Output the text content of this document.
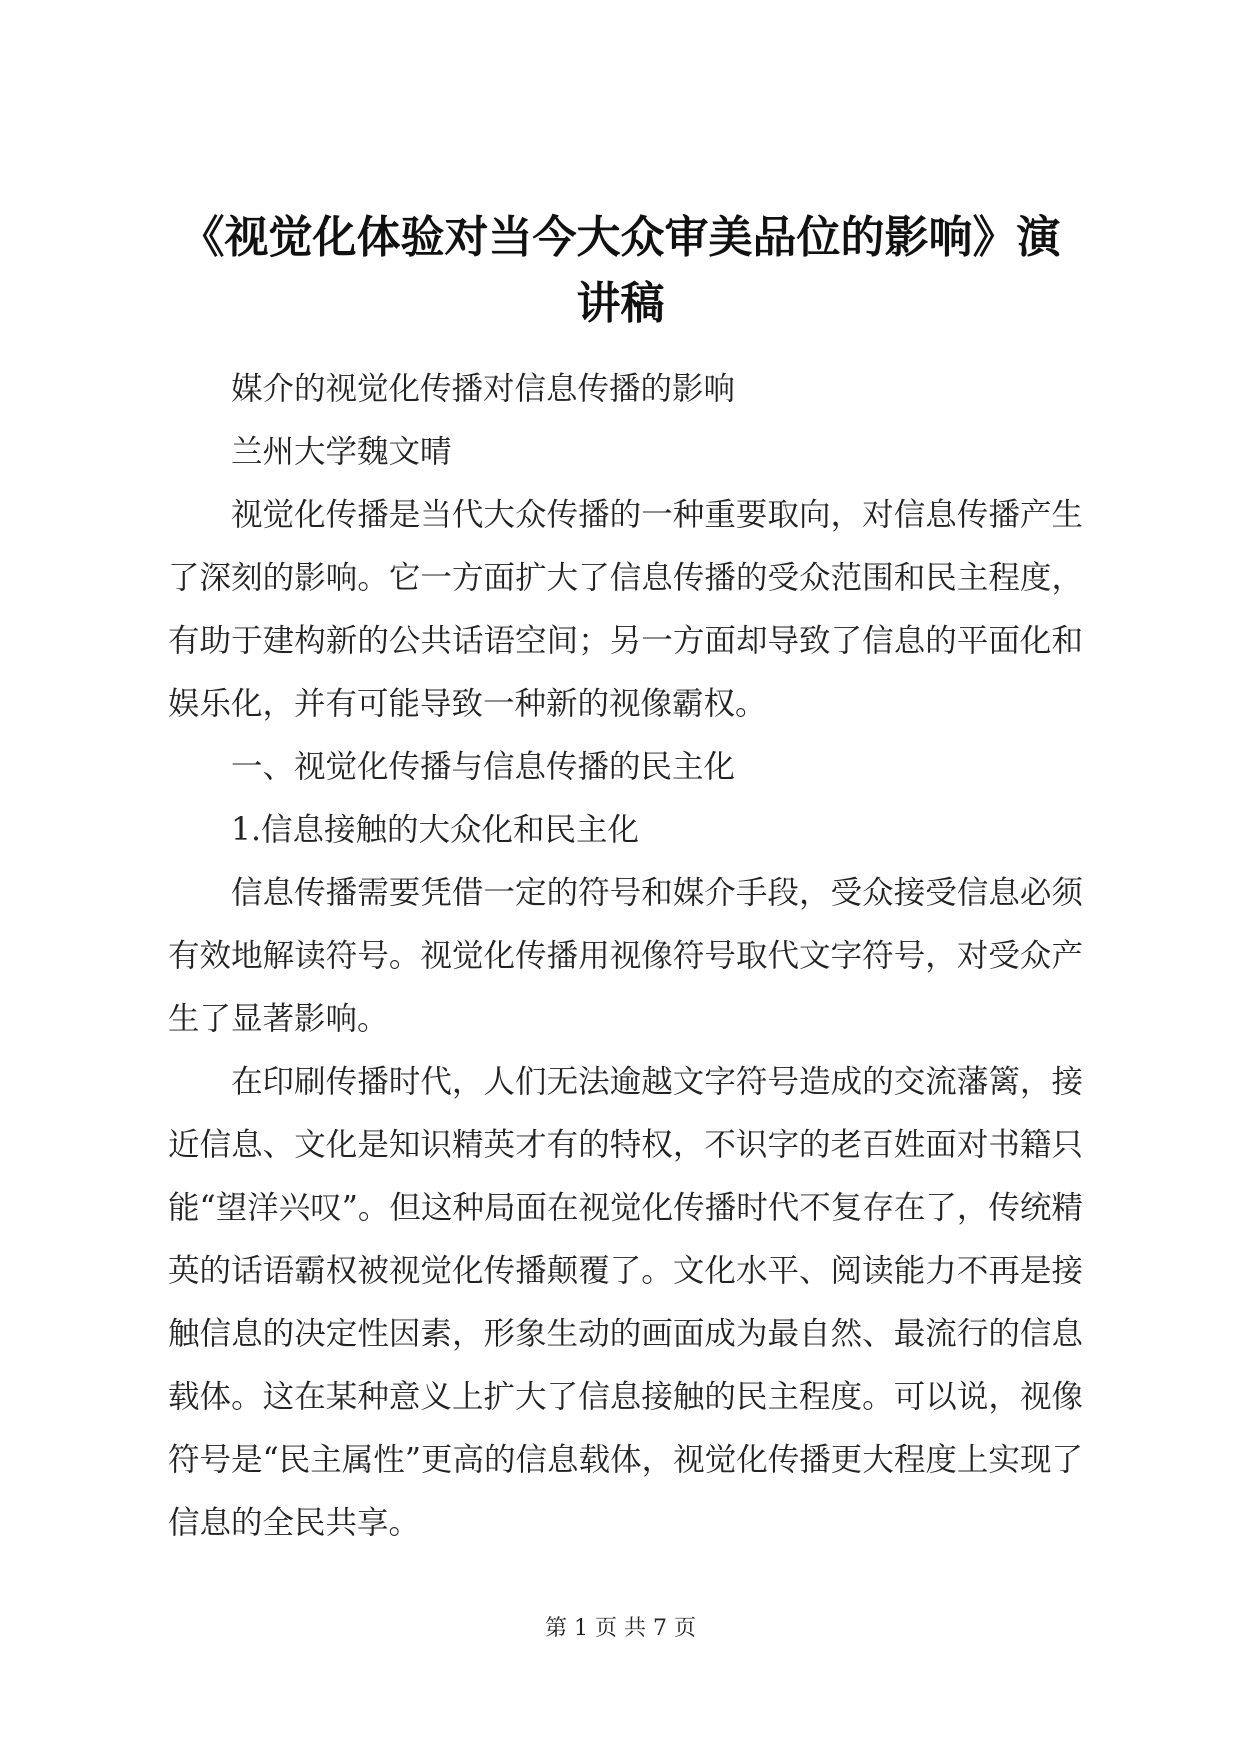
《视觉化体验对当今大众审美品位的影响》演讲稿

媒介的视觉化传播对信息传播的影响

兰州大学魏文晴

视觉化传播是当代大众传播的一种重要取向，对信息传播产生了深刻的影响。它一方面扩大了信息传播的受众范围和民主程度，有助于建构新的公共话语空间；另一方面却导致了信息的平面化和娱乐化，并有可能导致一种新的视像霸权。

一、视觉化传播与信息传播的民主化

1.信息接触的大众化和民主化

信息传播需要凭借一定的符号和媒介手段，受众接受信息必须有效地解读符号。视觉化传播用视像符号取代文字符号，对受众产生了显著影响。

在印刷传播时代，人们无法逾越文字符号造成的交流藩篱，接近信息、文化是知识精英才有的特权，不识字的老百姓面对书籍只能“望洋兴叹”。但这种局面在视觉化传播时代不复存在了，传统精英的话语霸权被视觉化传播颠覆了。文化水平、阅读能力不再是接触信息的决定性因素，形象生动的画面成为最自然、最流行的信息载体。这在某种意义上扩大了信息接触的民主程度。可以说，视像符号是“民主属性”更高的信息载体，视觉化传播更大程度上实现了信息的全民共享。

第 1 页 共 7 页
